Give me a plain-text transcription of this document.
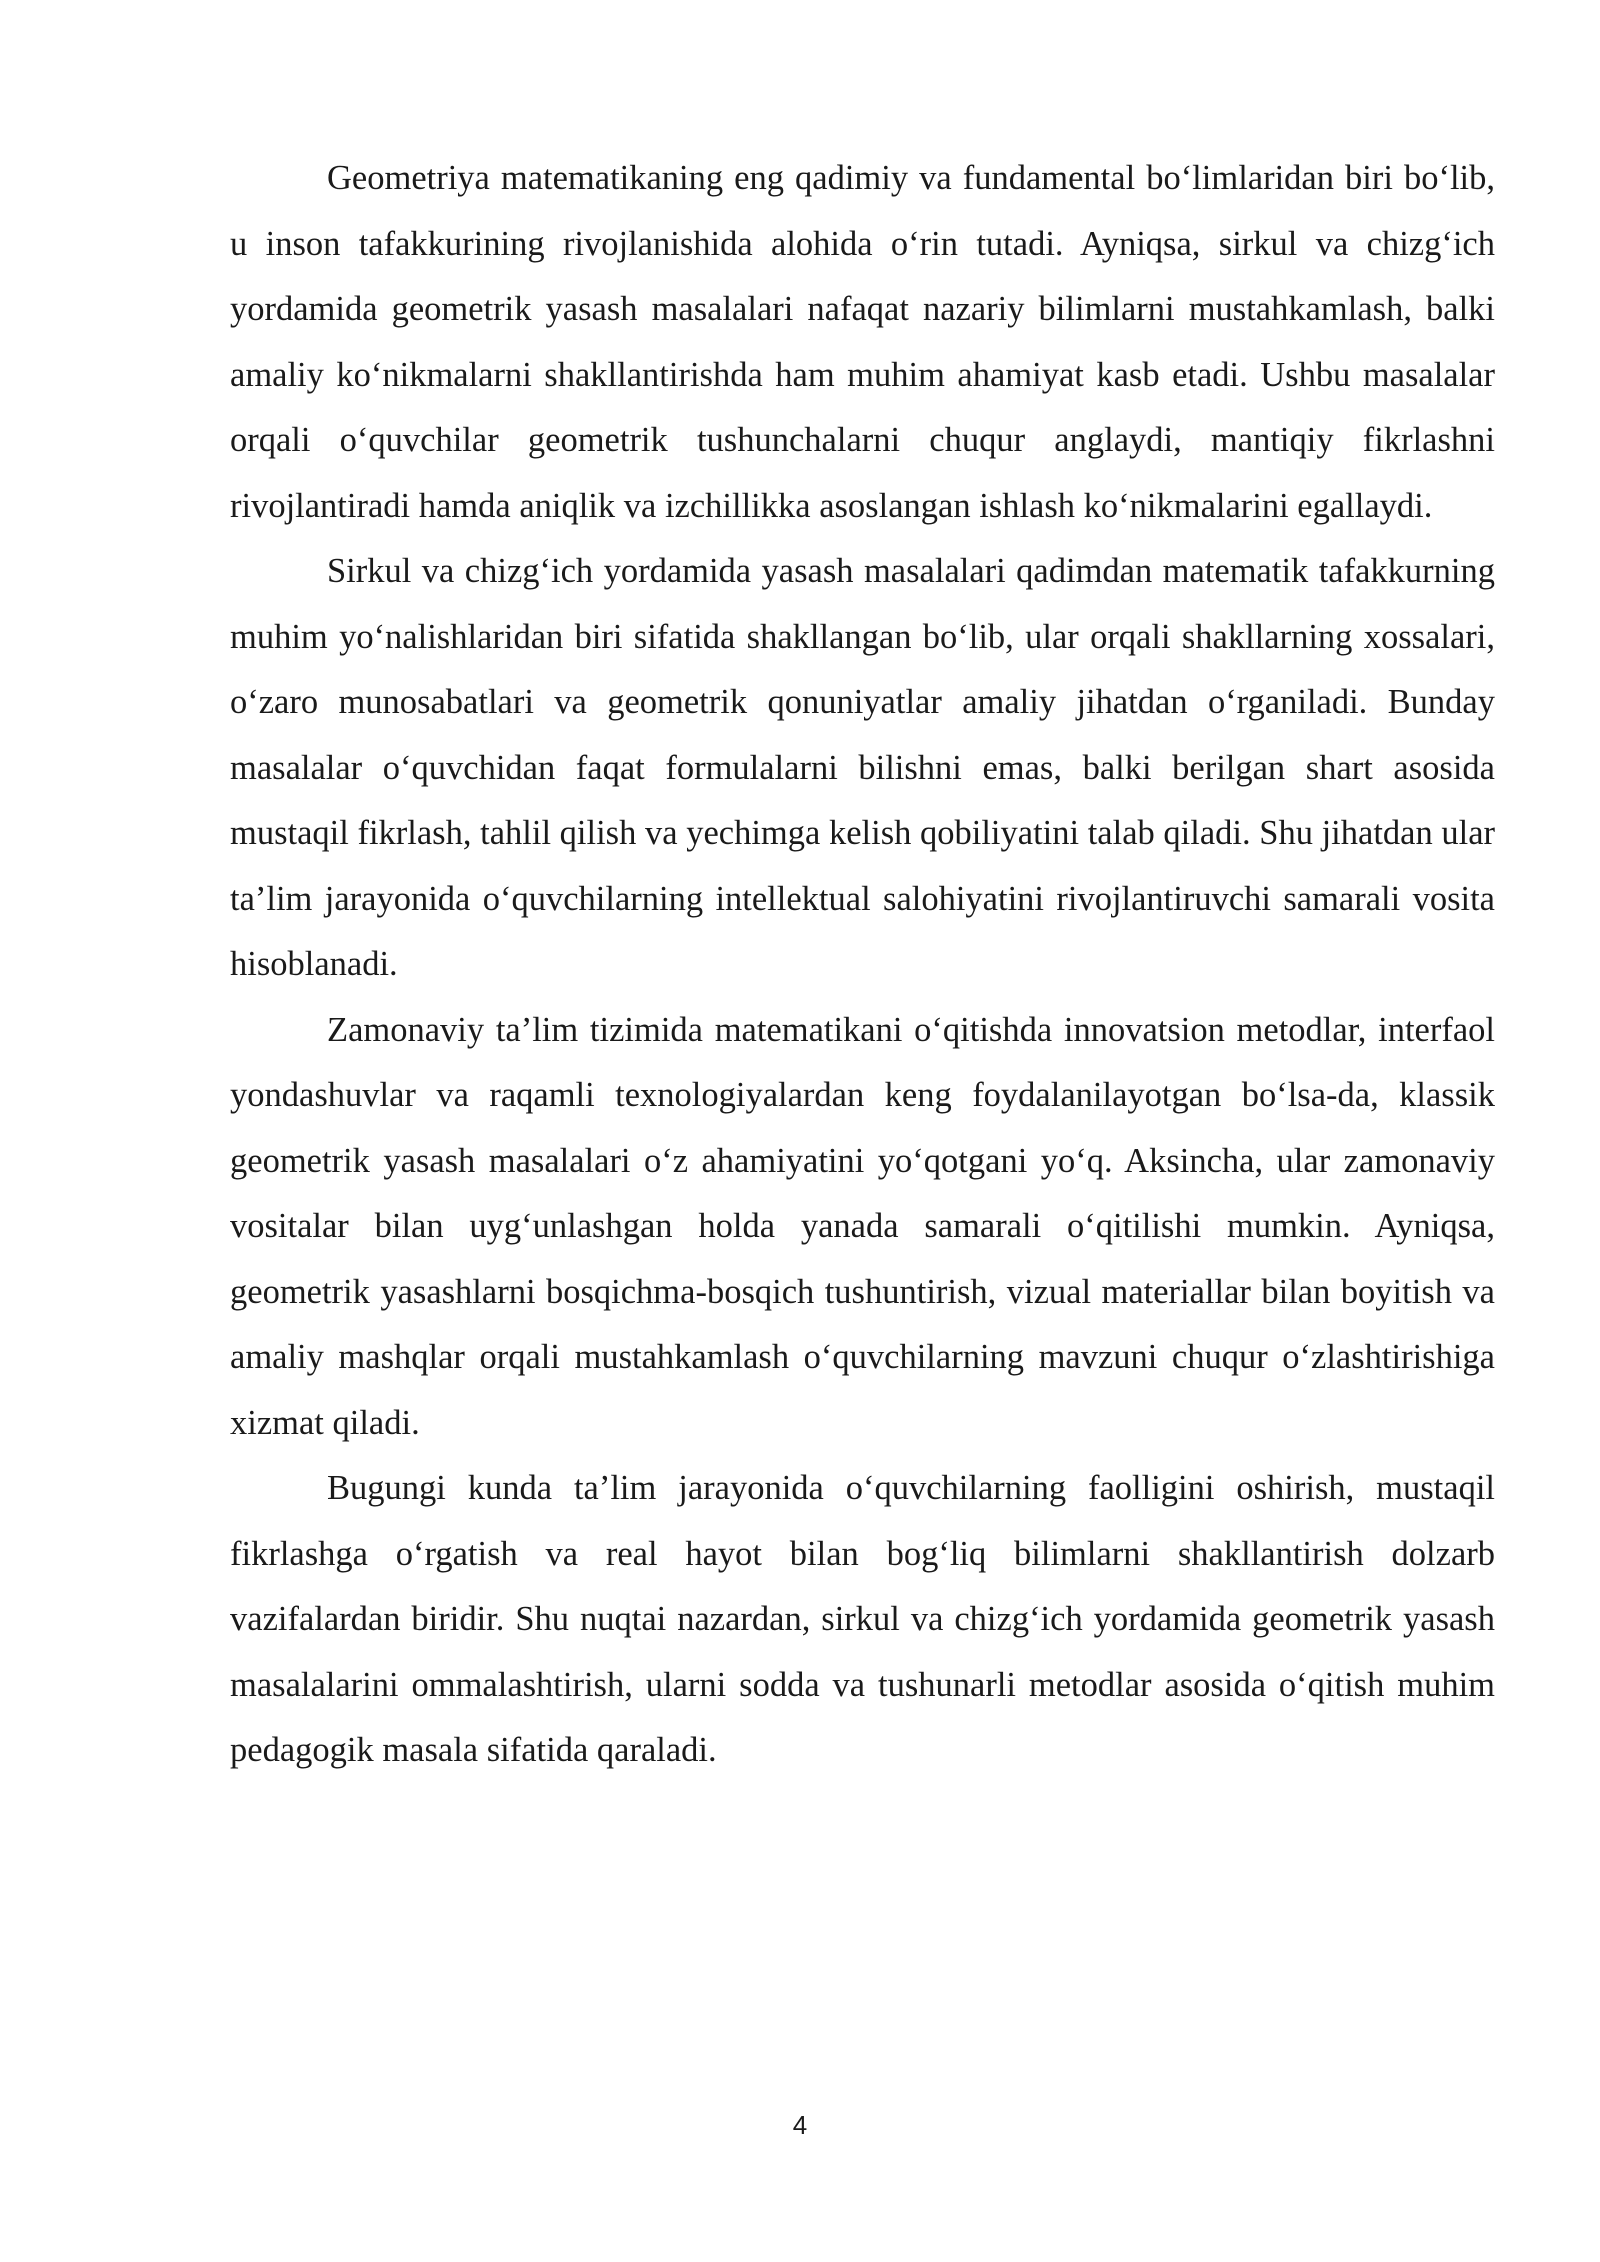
Geometriya matematikaning eng qadimiy va fundamental bo‘limlaridan biri bo‘lib, u inson tafakkurining rivojlanishida alohida o‘rin tutadi. Ayniqsa, sirkul va chizg‘ich yordamida geometrik yasash masalalari nafaqat nazariy bilimlarni mustahkamlash, balki amaliy ko‘nikmalarni shakllantirishda ham muhim ahamiyat kasb etadi. Ushbu masalalar orqali o‘quvchilar geometrik tushunchalarni chuqur anglaydi, mantiqiy fikrlashni rivojlantiradi hamda aniqlik va izchillikka asoslangan ishlash ko‘nikmalarini egallaydi.

Sirkul va chizg‘ich yordamida yasash masalalari qadimdan matematik tafakkurning muhim yo‘nalishlaridan biri sifatida shakllangan bo‘lib, ular orqali shakllarning xossalari, o‘zaro munosabatlari va geometrik qonuniyatlar amaliy jihatdan o‘rganiladi. Bunday masalalar o‘quvchidan faqat formulalarni bilishni emas, balki berilgan shart asosida mustaqil fikrlash, tahlil qilish va yechimga kelish qobiliyatini talab qiladi. Shu jihatdan ular ta’lim jarayonida o‘quvchilarning intellektual salohiyatini rivojlantiruvchi samarali vosita hisoblanadi.

Zamonaviy ta’lim tizimida matematikani o‘qitishda innovatsion metodlar, interfaol yondashuvlar va raqamli texnologiyalardan keng foydalanilayotgan bo‘lsa-da, klassik geometrik yasash masalalari o‘z ahamiyatini yo‘qotgani yo‘q. Aksincha, ular zamonaviy vositalar bilan uyg‘unlashgan holda yanada samarali o‘qitilishi mumkin. Ayniqsa, geometrik yasashlarni bosqichma-bosqich tushuntirish, vizual materiallar bilan boyitish va amaliy mashqlar orqali mustahkamlash o‘quvchilarning mavzuni chuqur o‘zlashtirishiga xizmat qiladi.

Bugungi kunda ta’lim jarayonida o‘quvchilarning faolligini oshirish, mustaqil fikrlashga o‘rgatish va real hayot bilan bog‘liq bilimlarni shakllantirish dolzarb vazifalardan biridir. Shu nuqtai nazardan, sirkul va chizg‘ich yordamida geometrik yasash masalalarini ommalashtirish, ularni sodda va tushunarli metodlar asosida o‘qitish muhim pedagogik masala sifatida qaraladi.

4
